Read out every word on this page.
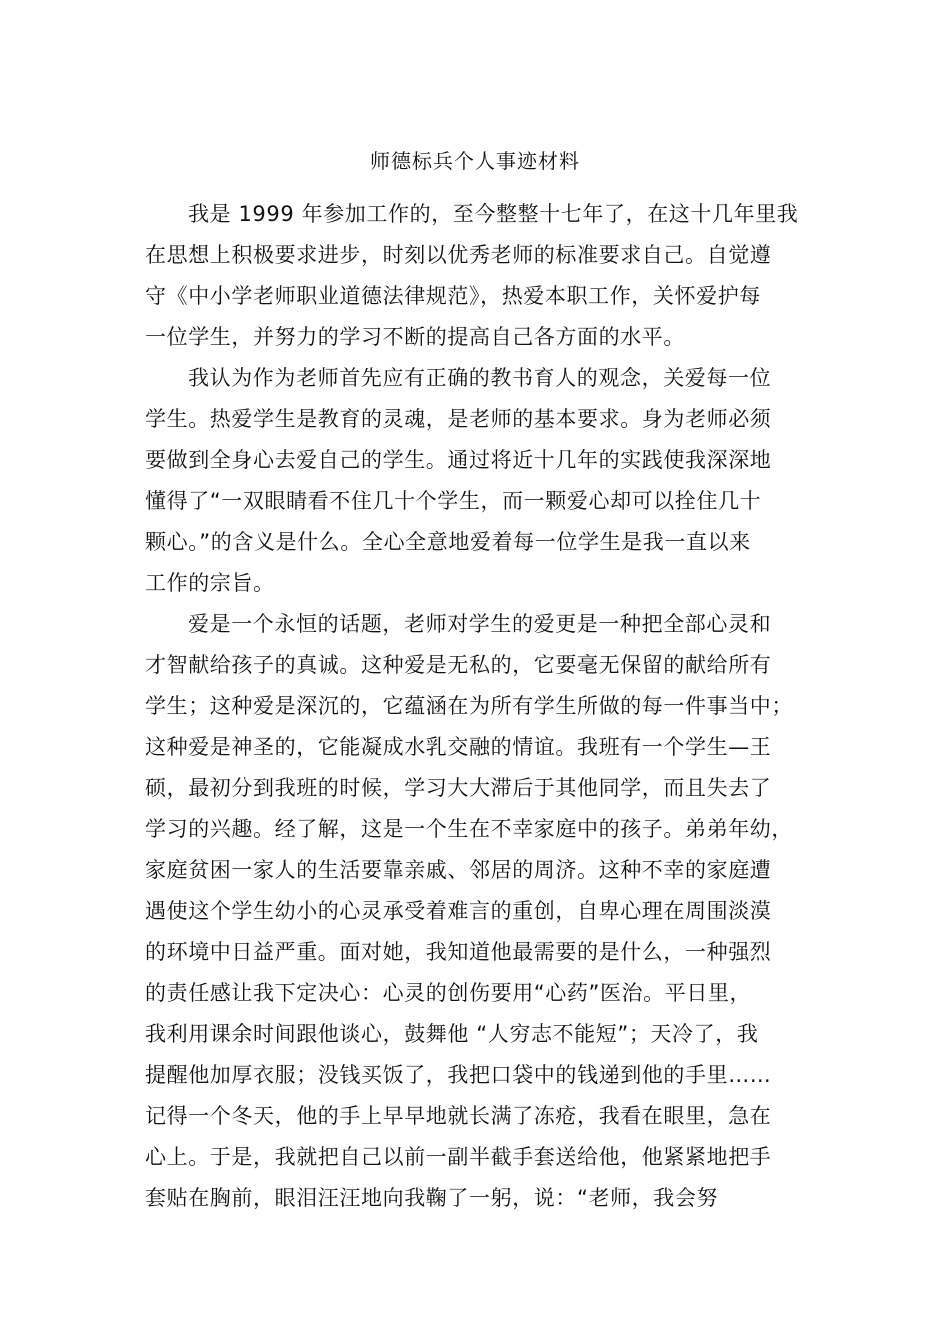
师德标兵个人事迹材料
我是 1999 年参加工作的，至今整整十七年了，在这十几年里我
在思想上积极要求进步，时刻以优秀老师的标准要求自己。自觉遵
守《中小学老师职业道德法律规范》，热爱本职工作，关怀爱护每
一位学生，并努力的学习不断的提高自己各方面的水平。
我认为作为老师首先应有正确的教书育人的观念，关爱每一位
学生。热爱学生是教育的灵魂，是老师的基本要求。身为老师必须
要做到全身心去爱自己的学生。通过将近十几年的实践使我深深地
懂得了“一双眼睛看不住几十个学生，而一颗爱心却可以拴住几十
颗心。”的含义是什么。全心全意地爱着每一位学生是我一直以来
工作的宗旨。
爱是一个永恒的话题，老师对学生的爱更是一种把全部心灵和
才智献给孩子的真诚。这种爱是无私的，它要毫无保留的献给所有
学生；这种爱是深沉的，它蕴涵在为所有学生所做的每一件事当中；
这种爱是神圣的，它能凝成水乳交融的情谊。我班有一个学生—王
硕，最初分到我班的时候，学习大大滞后于其他同学，而且失去了
学习的兴趣。经了解，这是一个生在不幸家庭中的孩子。弟弟年幼，
家庭贫困一家人的生活要靠亲戚、邻居的周济。这种不幸的家庭遭
遇使这个学生幼小的心灵承受着难言的重创，自卑心理在周围淡漠
的环境中日益严重。面对她，我知道他最需要的是什么，一种强烈
的责任感让我下定决心：心灵的创伤要用“心药”医治。平日里，
我利用课余时间跟他谈心，鼓舞他 “人穷志不能短”；天冷了，我
提醒他加厚衣服；没钱买饭了，我把口袋中的钱递到他的手里……
记得一个冬天，他的手上早早地就长满了冻疮，我看在眼里，急在
心上。于是，我就把自己以前一副半截手套送给他，他紧紧地把手
套贴在胸前，眼泪汪汪地向我鞠了一躬，说：“老师，我会努
